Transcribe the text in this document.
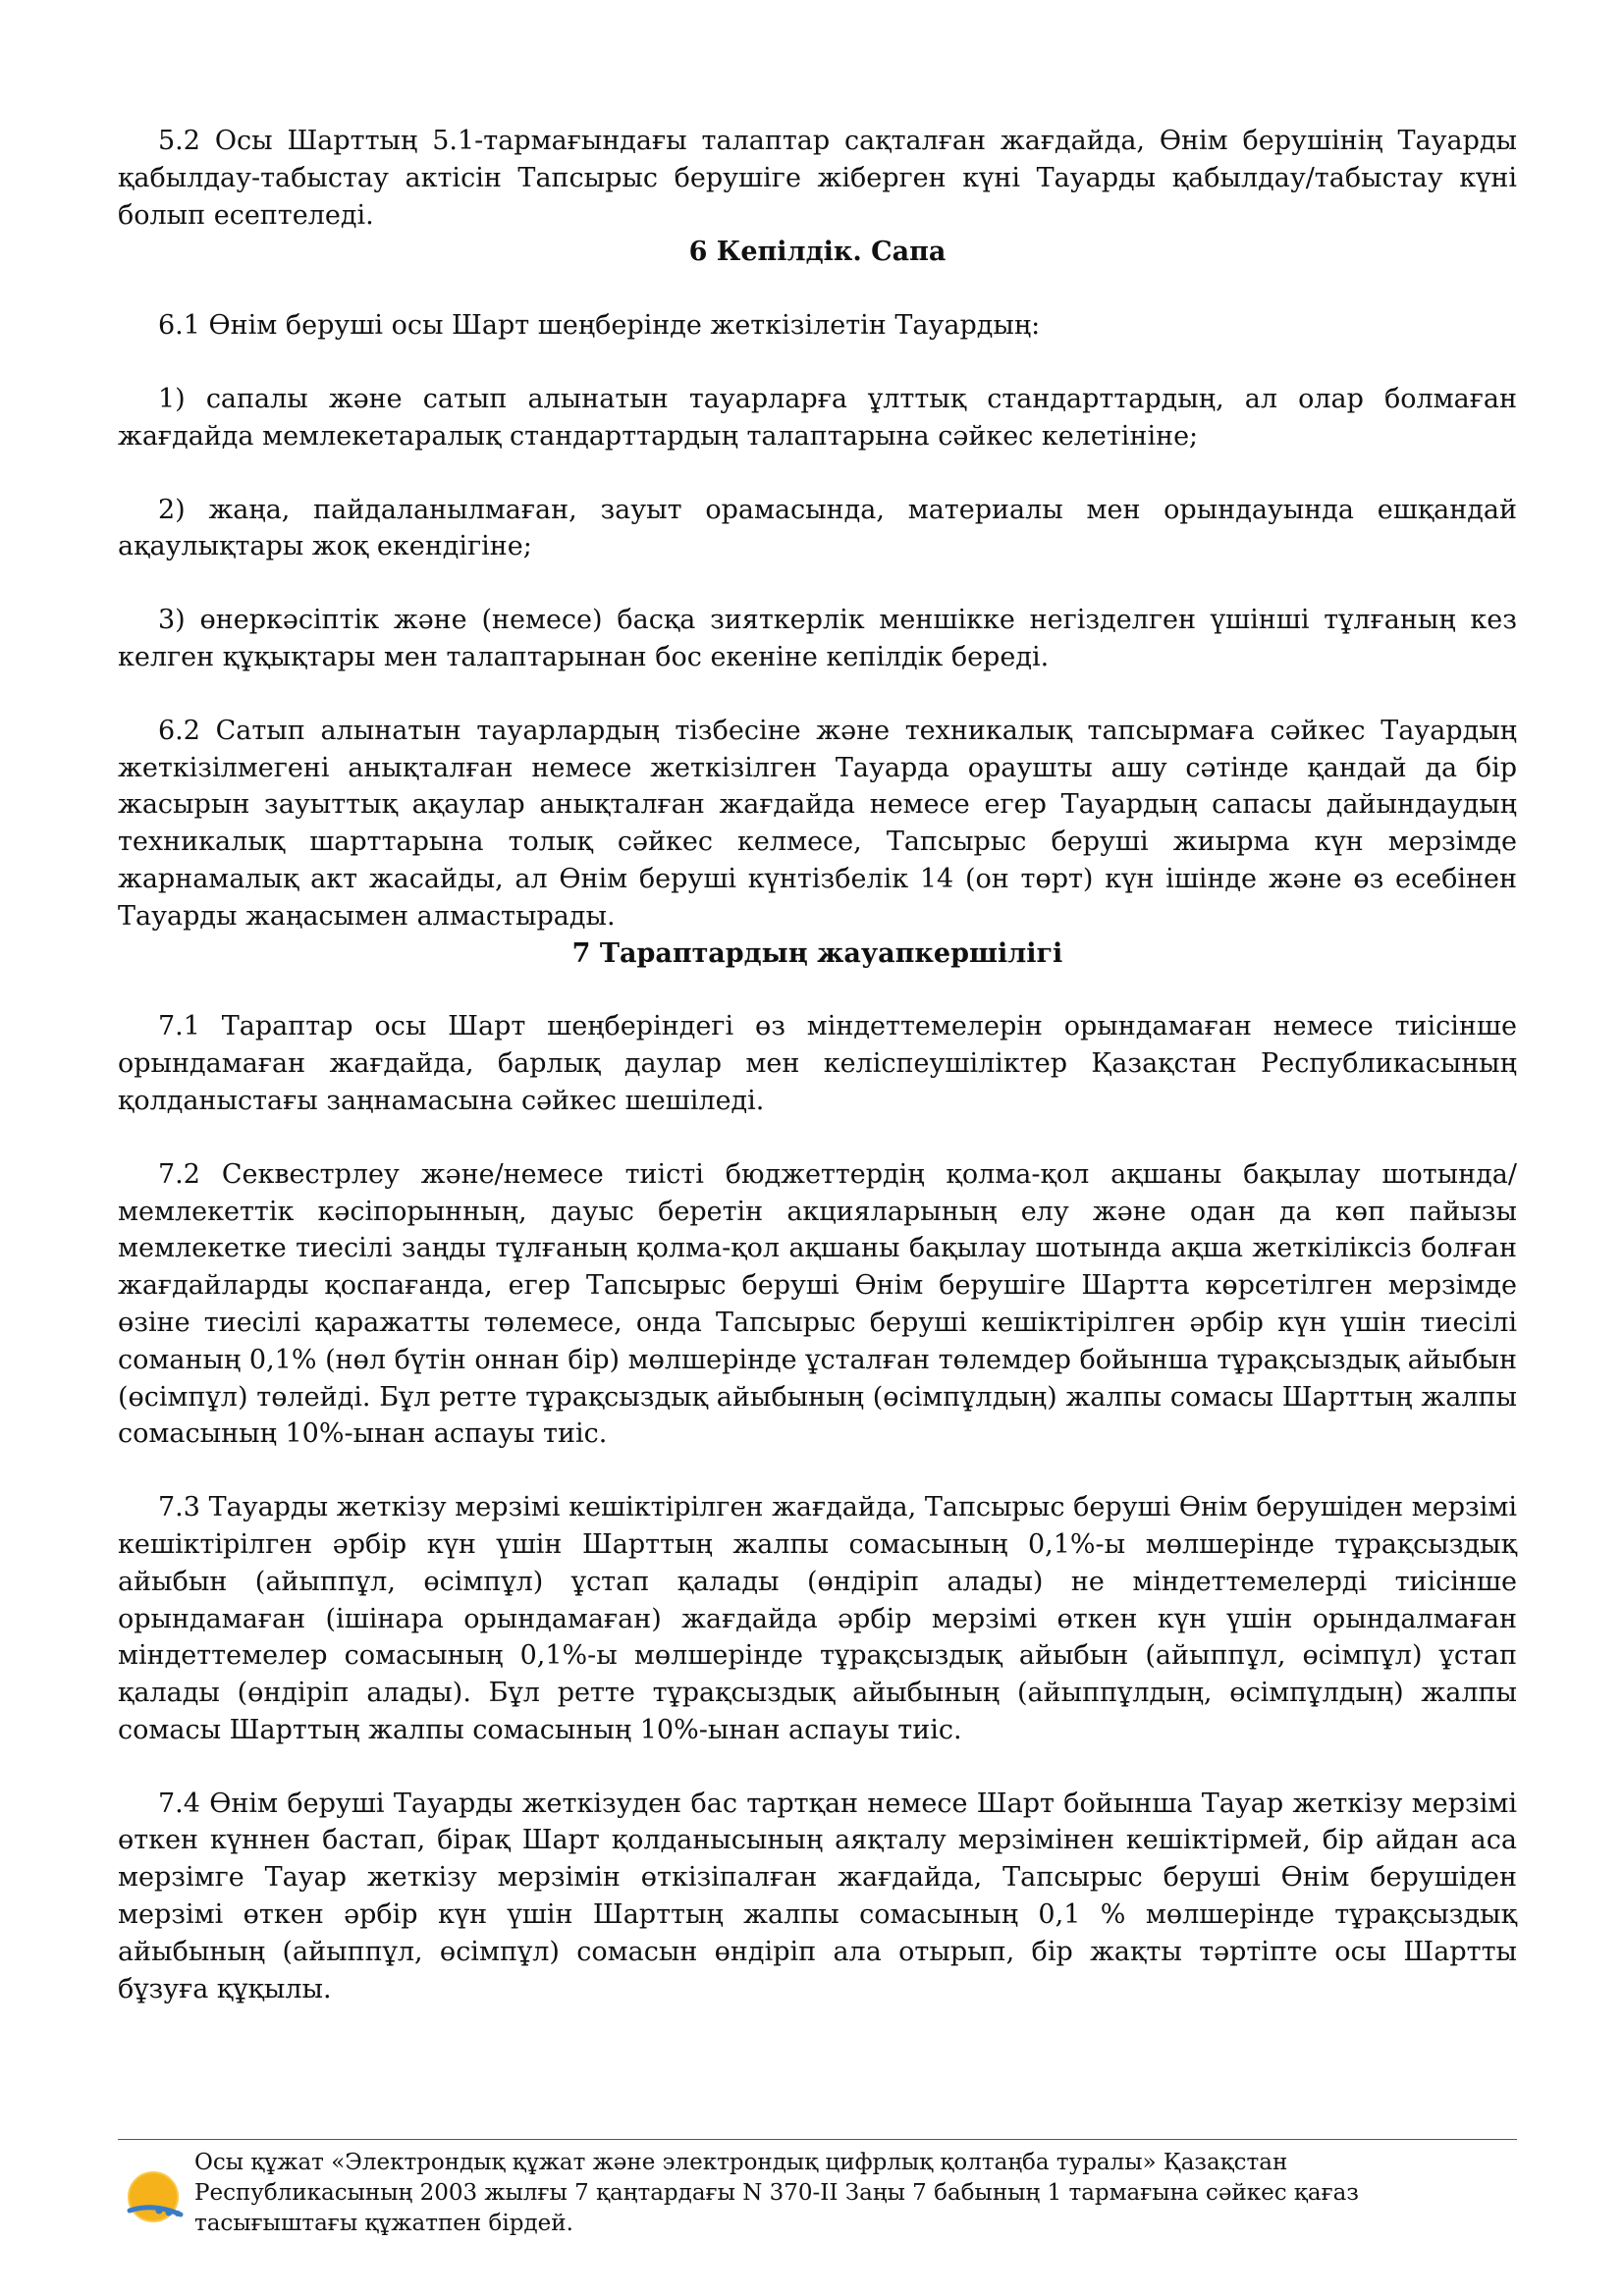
5.2 Осы Шарттың 5.1-тармағындағы талаптар сақталған жағдайда, Өнім берушінің Тауарды қабылдау-табыстау актісін Тапсырыс берушіге жіберген күні Тауарды қабылдау/табыстау күні болып есептеледі.

6 Кепілдік. Сапа

6.1 Өнім беруші осы Шарт шеңберінде жеткізілетін Тауардың:

1) сапалы және сатып алынатын тауарларға ұлттық стандарттардың, ал олар болмаған жағдайда мемлекетаралық стандарттардың талаптарына сәйкес келетініне;

2) жаңа, пайдаланылмаған, зауыт орамасында, материалы мен орындауында ешқандай ақаулықтары жоқ екендігіне;

3) өнеркәсіптік және (немесе) басқа зияткерлік меншікке негізделген үшінші тұлғаның кез келген құқықтары мен талаптарынан бос екеніне кепілдік береді.

6.2 Сатып алынатын тауарлардың тізбесіне және техникалық тапсырмаға сәйкес Тауардың жеткізілмегені анықталған немесе жеткізілген Тауарда ораушты ашу сәтінде қандай да бір жасырын зауыттық ақаулар анықталған жағдайда немесе егер Тауардың сапасы дайындаудың техникалық шарттарына толық сәйкес келмесе, Тапсырыс беруші жиырма күн мерзімде жарнамалық акт жасайды, ал Өнім беруші күнтізбелік 14 (он төрт) күн ішінде және өз есебінен Тауарды жаңасымен алмастырады.

7 Тараптардың жауапкершілігі

7.1 Тараптар осы Шарт шеңберіндегі өз міндеттемелерін орындамаған немесе тиісінше орындамаған жағдайда, барлық даулар мен келіспеушіліктер Қазақстан Республикасының қолданыстағы заңнамасына сәйкес шешіледі.

7.2 Секвестрлеу және/немесе тиісті бюджеттердің қолма-қол ақшаны бақылау шотында/мемлекеттік кәсіпорынның, дауыс беретін акцияларының елу және одан да көп пайызы мемлекетке тиесілі заңды тұлғаның қолма-қол ақшаны бақылау шотында ақша жеткіліксіз болған жағдайларды қоспағанда, егер Тапсырыс беруші Өнім берушіге Шартта көрсетілген мерзімде өзіне тиесілі қаражатты төлемесе, онда Тапсырыс беруші кешіктірілген әрбір күн үшін тиесілі соманың 0,1% (нөл бүтін оннан бір) мөлшерінде ұсталған төлемдер бойынша тұрақсыздық айыбын (өсімпұл) төлейді. Бұл ретте тұрақсыздық айыбының (өсімпұлдың) жалпы сомасы Шарттың жалпы сомасының 10%-ынан аспауы тиіс.

7.3 Тауарды жеткізу мерзімі кешіктірілген жағдайда, Тапсырыс беруші Өнім берушіден мерзімі кешіктірілген әрбір күн үшін Шарттың жалпы сомасының 0,1%-ы мөлшерінде тұрақсыздық айыбын (айыппұл, өсімпұл) ұстап қалады (өндіріп алады) не міндеттемелерді тиісінше орындамаған (ішінара орындамаған) жағдайда әрбір мерзімі өткен күн үшін орындалмаған міндеттемелер сомасының 0,1%-ы мөлшерінде тұрақсыздық айыбын (айыппұл, өсімпұл) ұстап қалады (өндіріп алады). Бұл ретте тұрақсыздық айыбының (айыппұлдың, өсімпұлдың) жалпы сомасы Шарттың жалпы сомасының 10%-ынан аспауы тиіс.

7.4 Өнім беруші Тауарды жеткізуден бас тартқан немесе Шарт бойынша Тауар жеткізу мерзімі өткен күннен бастап, бірақ Шарт қолданысының аяқталу мерзімінен кешіктірмей, бір айдан аса мерзімге Тауар жеткізу мерзімін өткізіпалған жағдайда, Тапсырыс беруші Өнім берушіден мерзімі өткен әрбір күн үшін Шарттың жалпы сомасының 0,1 % мөлшерінде тұрақсыздық айыбының (айыппұл, өсімпұл) сомасын өндіріп ала отырып, бір жақты тәртіпте осы Шартты бұзуға құқылы.

Осы құжат «Электрондық құжат және электрондық цифрлық қолтаңба туралы» Қазақстан
Республикасының 2003 жылғы 7 қаңтардағы N 370-II Заңы 7 бабының 1 тармағына сәйкес қағаз
тасығыштағы құжатпен бірдей.
